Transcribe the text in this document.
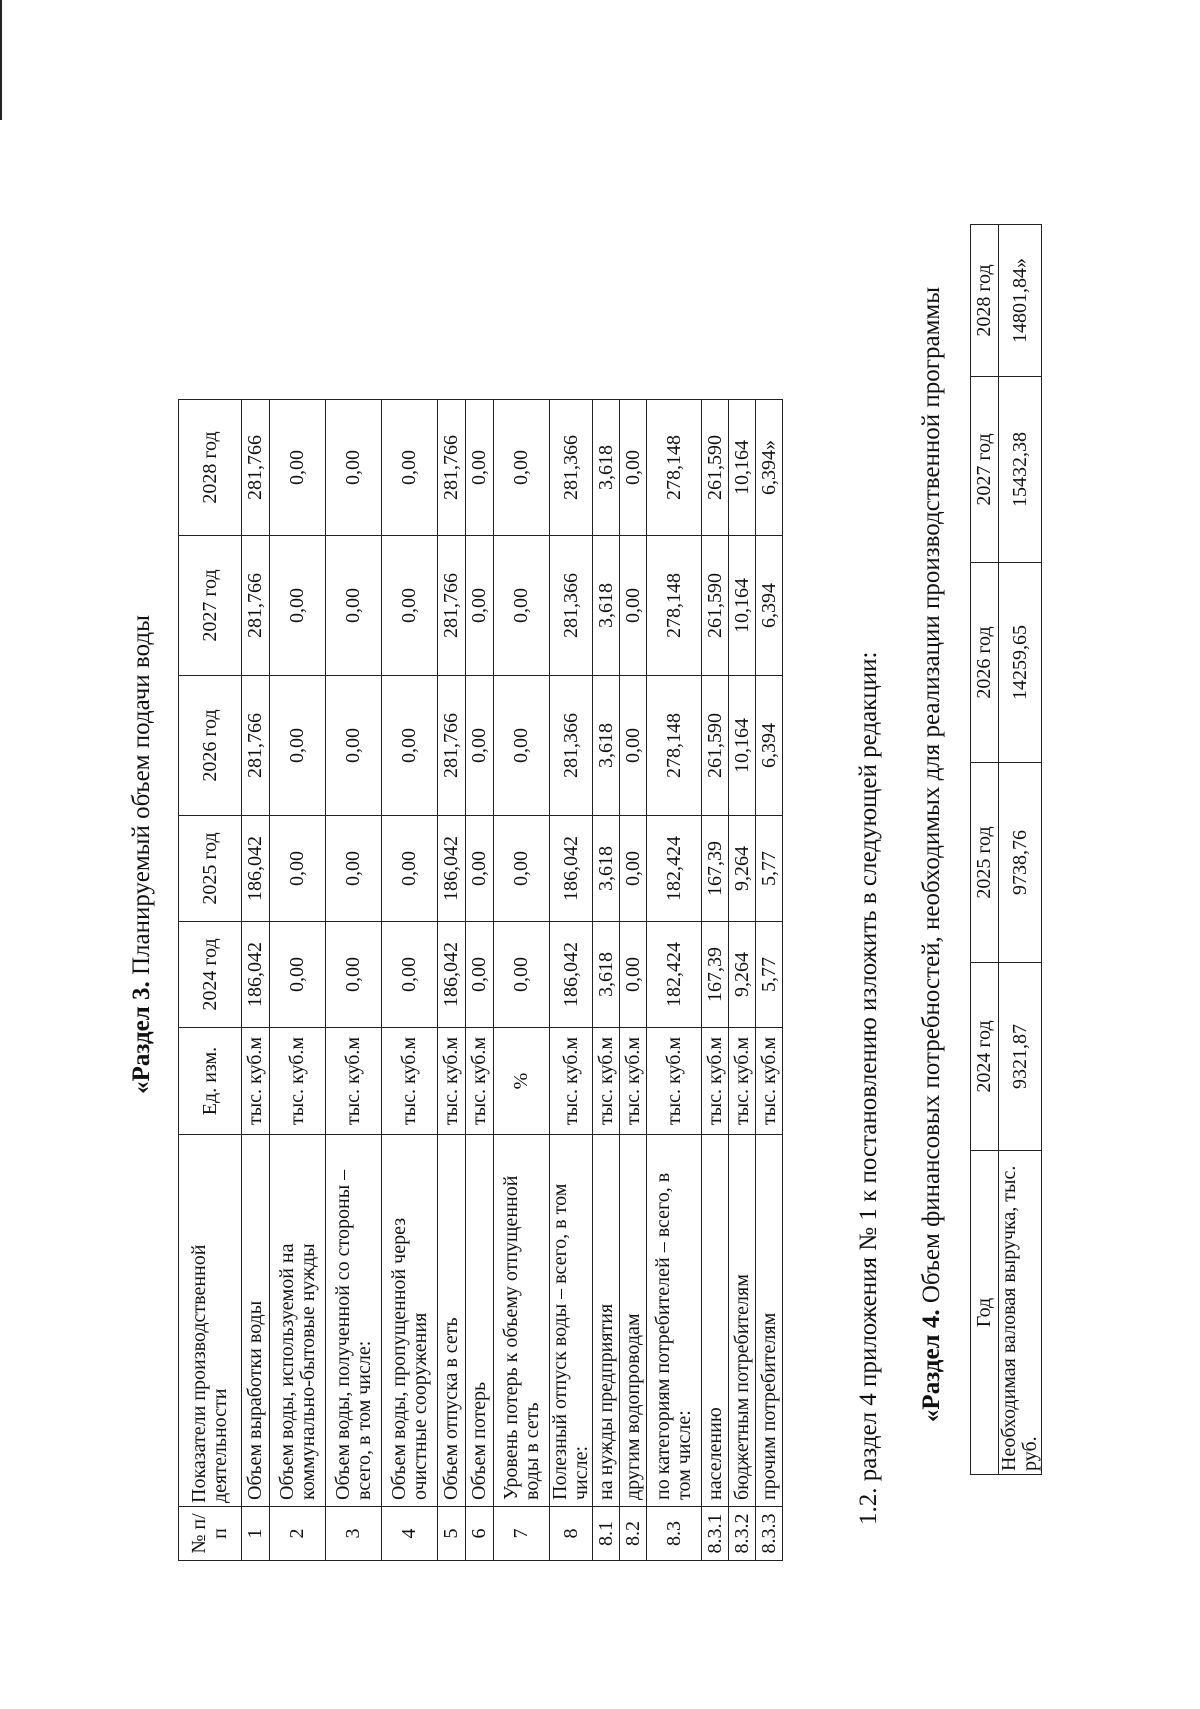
«Раздел 3. Планируемый объем подачи воды
№ п/п	Показатели производственной деятельности	Ед. изм.	2024 год	2025 год	2026 год	2027 год	2028 год
1	Объем выработки воды	тыс. куб.м	186,042	186,042	281,766	281,766	281,766
2	Объем воды, используемой на коммунально-бытовые нужды	тыс. куб.м	0,00	0,00	0,00	0,00	0,00
3	Объем воды, полученной со стороны – всего, в том числе:	тыс. куб.м	0,00	0,00	0,00	0,00	0,00
4	Объем воды, пропущенной через очистные сооружения	тыс. куб.м	0,00	0,00	0,00	0,00	0,00
5	Объем отпуска в сеть	тыс. куб.м	186,042	186,042	281,766	281,766	281,766
6	Объем потерь	тыс. куб.м	0,00	0,00	0,00	0,00	0,00
7	Уровень потерь к объему отпущенной воды в сеть	%	0,00	0,00	0,00	0,00	0,00
8	Полезный отпуск воды – всего, в том числе:	тыс. куб.м	186,042	186,042	281,366	281,366	281,366
8.1	на нужды предприятия	тыс. куб.м	3,618	3,618	3,618	3,618	3,618
8.2	другим водопроводам	тыс. куб.м	0,00	0,00	0,00	0,00	0,00
8.3	по категориям потребителей – всего, в том числе:	тыс. куб.м	182,424	182,424	278,148	278,148	278,148
8.3.1	населению	тыс. куб.м	167,39	167,39	261,590	261,590	261,590
8.3.2	бюджетным потребителям	тыс. куб.м	9,264	9,264	10,164	10,164	10,164
8.3.3	прочим потребителям	тыс. куб.м	5,77	5,77	6,394	6,394	6,394»
1.2. раздел 4 приложения № 1 к постановлению изложить в следующей редакции: «Раздел 4. Объем финансовых потребностей, необходимых для реализации производственной программы
Год	2024 год	2025 год	2026 год	2027 год	2028 год
Необходимая валовая выручка, тыс. руб.	9321,87	9738,76	14259,65	15432,38	14801,84»
